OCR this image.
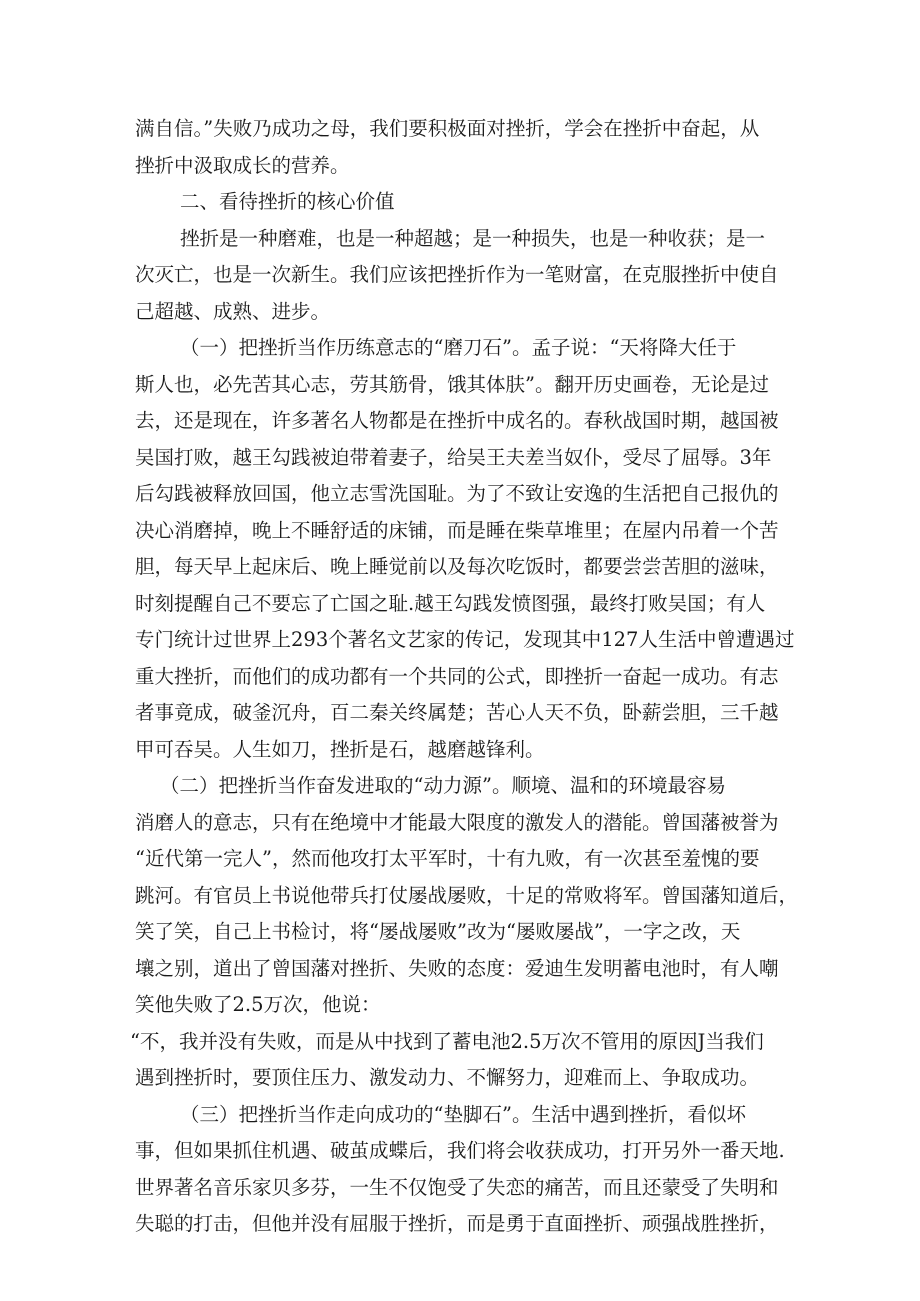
满自信。”失败乃成功之母，我们要积极面对挫折，学会在挫折中奋起，从
挫折中汲取成长的营养。
二、看待挫折的核心价值
挫折是一种磨难，也是一种超越；是一种损失，也是一种收获；是一
次灭亡，也是一次新生。我们应该把挫折作为一笔财富，在克服挫折中使自
己超越、成熟、进步。
（一）把挫折当作历练意志的“磨刀石”。孟子说：“天将降大任于
斯人也，必先苦其心志，劳其筋骨，饿其体肤”。翻开历史画卷，无论是过
去，还是现在，许多著名人物都是在挫折中成名的。春秋战国时期，越国被
吴国打败，越王勾践被迫带着妻子，给吴王夫差当奴仆，受尽了屈辱。3年
后勾践被释放回国，他立志雪洗国耻。为了不致让安逸的生活把自己报仇的
决心消磨掉，晚上不睡舒适的床铺，而是睡在柴草堆里；在屋内吊着一个苦
胆，每天早上起床后、晚上睡觉前以及每次吃饭时，都要尝尝苦胆的滋味，
时刻提醒自己不要忘了亡国之耻.越王勾践发愤图强，最终打败吴国；有人
专门统计过世界上293个著名文艺家的传记，发现其中127人生活中曾遭遇过
重大挫折，而他们的成功都有一个共同的公式，即挫折一奋起一成功。有志
者事竟成，破釜沉舟，百二秦关终属楚；苦心人天不负，卧薪尝胆，三千越
甲可吞吴。人生如刀，挫折是石，越磨越锋利。
（二）把挫折当作奋发进取的“动力源”。顺境、温和的环境最容易
消磨人的意志，只有在绝境中才能最大限度的激发人的潜能。曾国藩被誉为
“近代第一完人”，然而他攻打太平军时，十有九败，有一次甚至羞愧的要
跳河。有官员上书说他带兵打仗屡战屡败，十足的常败将军。曾国藩知道后，
笑了笑，自己上书检讨，将“屡战屡败”改为“屡败屡战”，一字之改，天
壤之别，道出了曾国藩对挫折、失败的态度：爱迪生发明蓄电池时，有人嘲
笑他失败了2.5万次，他说：
“不，我并没有失败，而是从中找到了蓄电池2.5万次不管用的原因J当我们
遇到挫折时，要顶住压力、激发动力、不懈努力，迎难而上、争取成功。
（三）把挫折当作走向成功的“垫脚石”。生活中遇到挫折，看似坏
事，但如果抓住机遇、破茧成蝶后，我们将会收获成功，打开另外一番天地.
世界著名音乐家贝多芬，一生不仅饱受了失恋的痛苦，而且还蒙受了失明和
失聪的打击，但他并没有屈服于挫折，而是勇于直面挫折、顽强战胜挫折，
